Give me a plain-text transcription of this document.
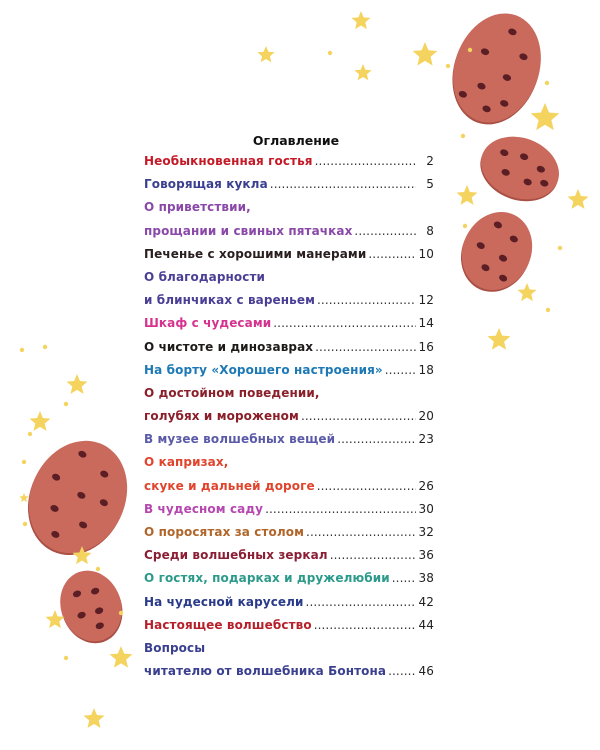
Оглавление
Необыкновенная гостья .....	2
Говорящая кукла .....	5
О приветствии,
прощании и свиных пятачках .....	8
Печенье с хорошими манерами .....	10
О благодарности
и блинчиках с вареньем .....	12
Шкаф с чудесами .....	14
О чистоте и динозаврах .....	16
На борту «Хорошего настроения» .....	18
О достойном поведении,
голубях и мороженом .....	20
В музее волшебных вещей .....	23
О капризах,
скуке и дальней дороге .....	26
В чудесном саду .....	30
О поросятах за столом .....	32
Среди волшебных зеркал .....	36
О гостях, подарках и дружелюбии ..... 38
На чудесной карусели .....	42
Настоящее волшебство .....	44
Вопросы
читателю от волшебника Бонтона .....	46
